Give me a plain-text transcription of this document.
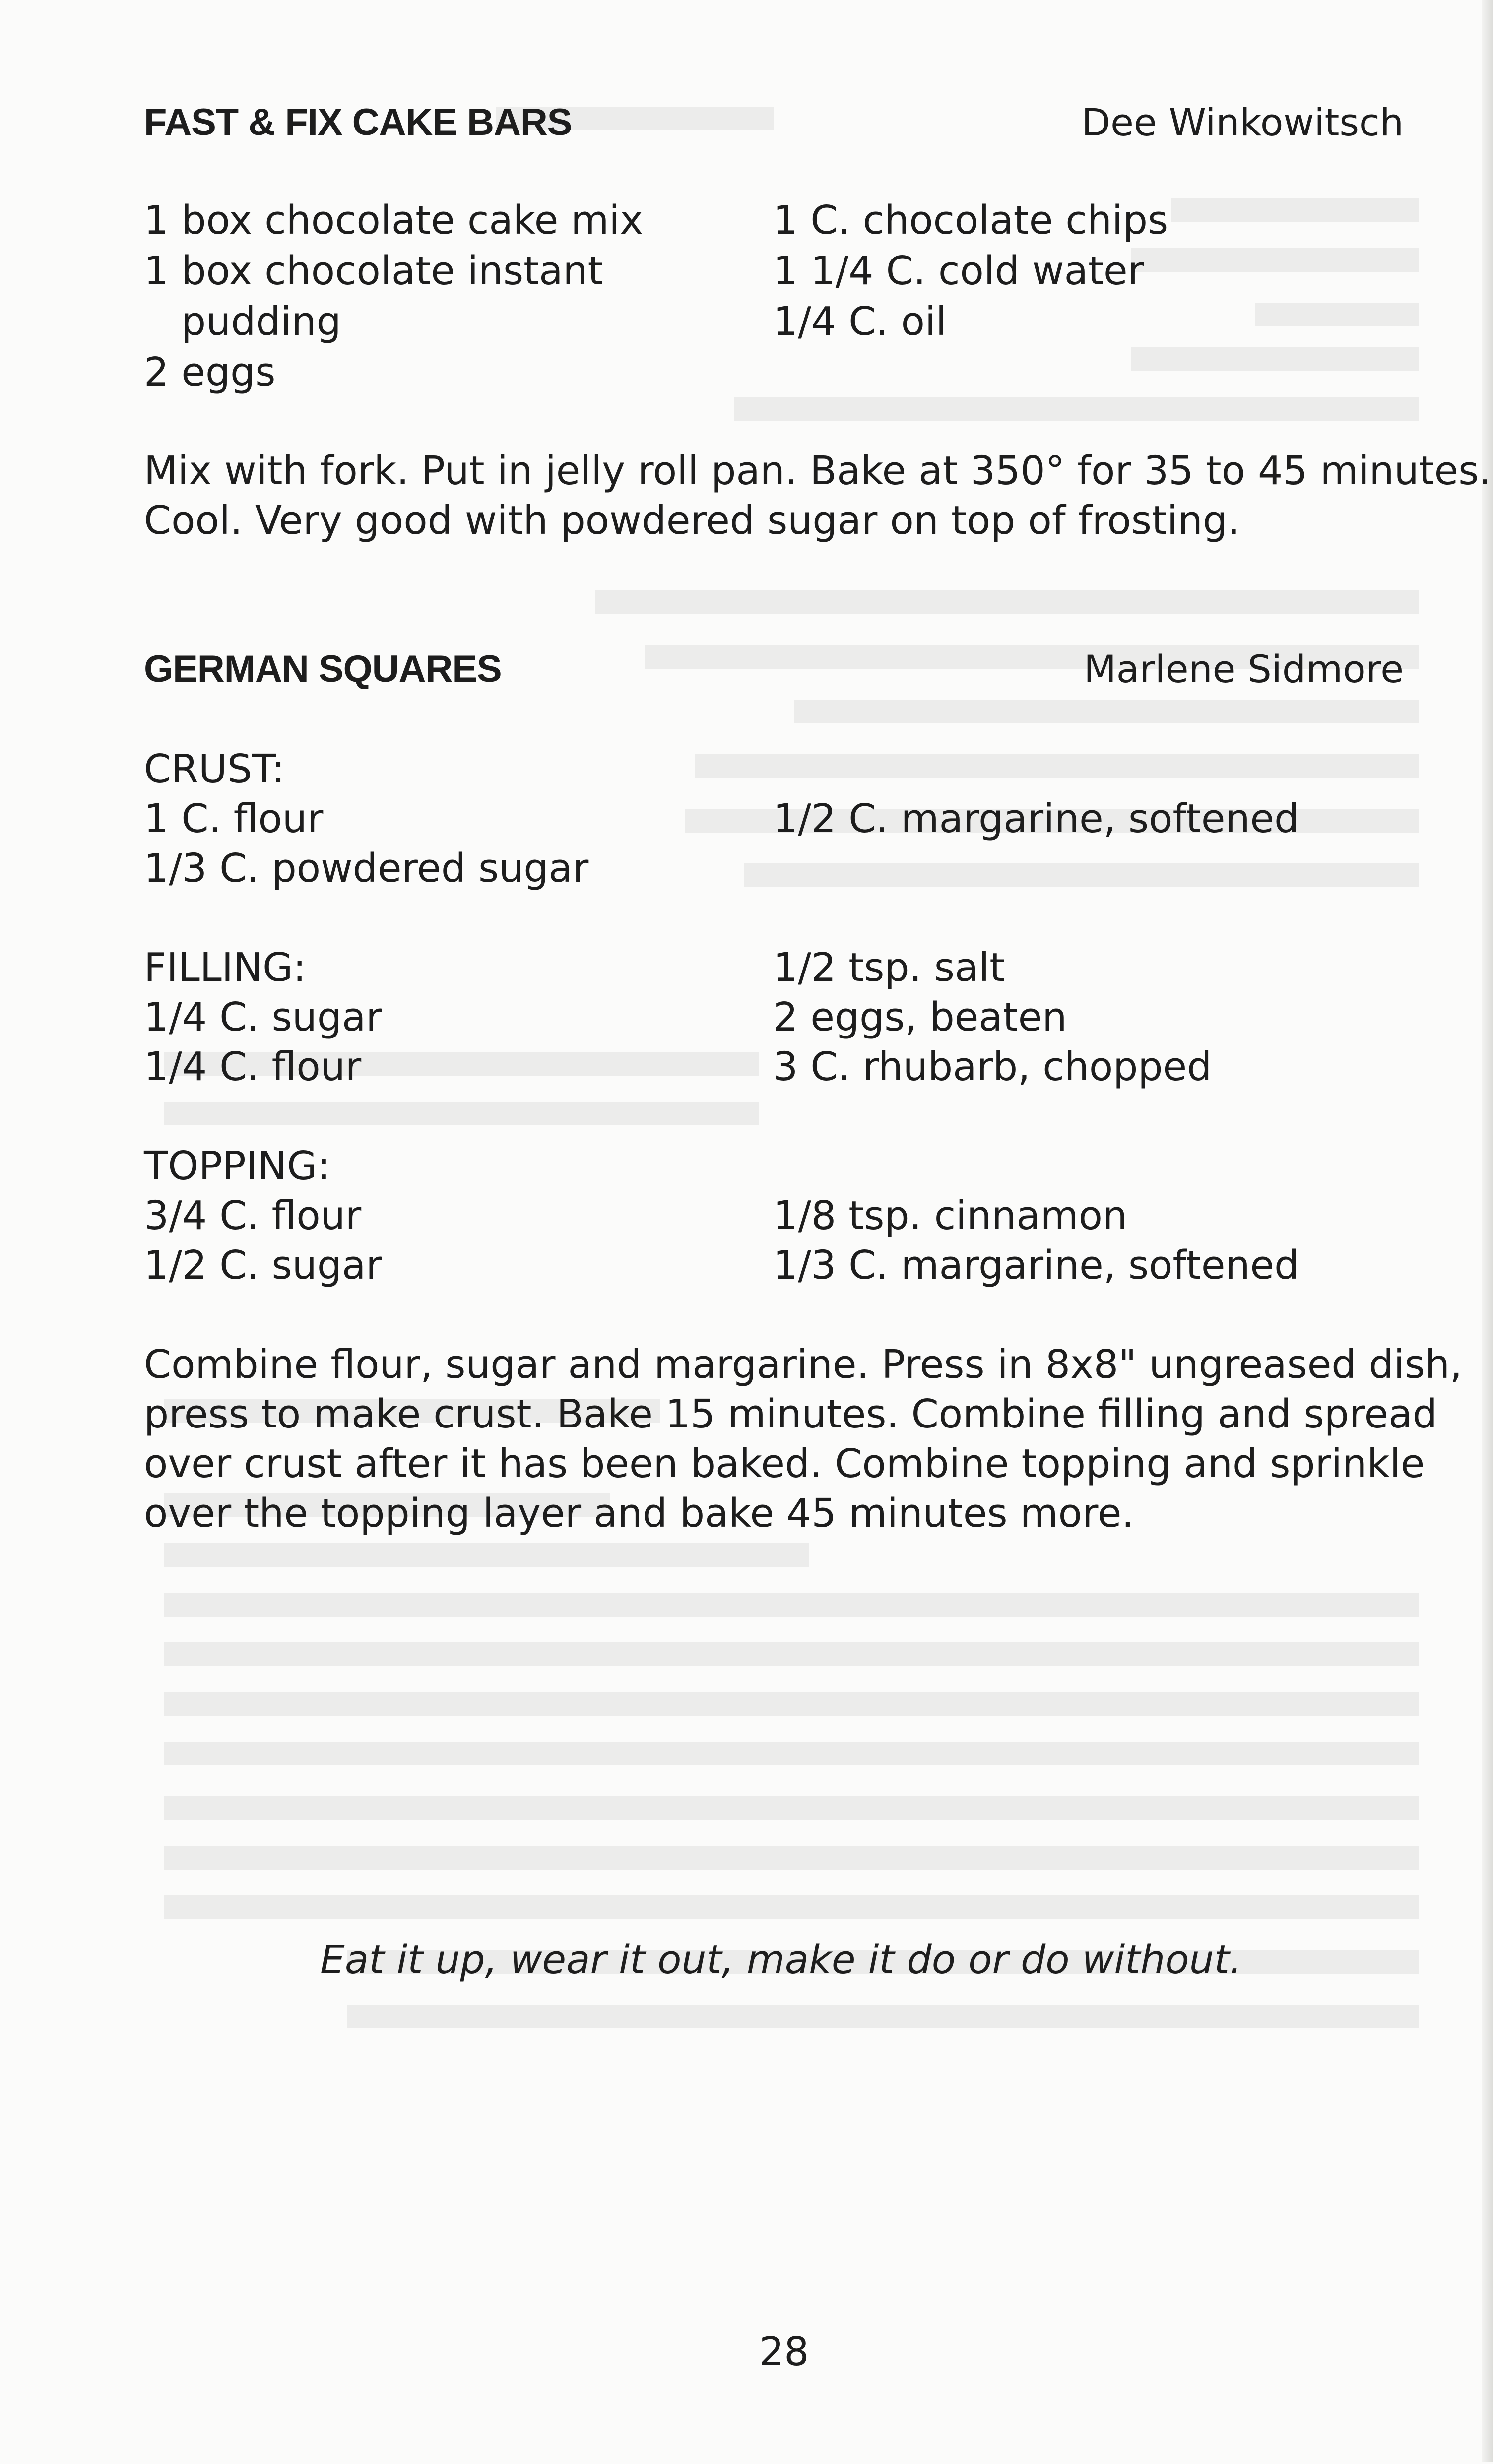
FAST & FIX CAKE BARS	Dee Winkowitsch
1 box chocolate cake mix
1 box chocolate instant
pudding
2 eggs
1 C. chocolate chips
1 1/4 C. cold water
1/4 C. oil
Mix with fork. Put in jelly roll pan. Bake at 350° for 35 to 45 minutes.
Cool. Very good with powdered sugar on top of frosting.
GERMAN SQUARES	Marlene Sidmore
CRUST:
1 C. flour
1/3 C. powdered sugar
1/2 C. margarine, softened
FILLING:
1/4 C. sugar
1/4 C. flour
1/2 tsp. salt
2 eggs, beaten
3 C. rhubarb, chopped
TOPPING:
3/4 C. flour
1/2 C. sugar
1/8 tsp. cinnamon
1/3 C. margarine, softened
Combine flour, sugar and margarine. Press in 8x8" ungreased dish,
press to make crust. Bake 15 minutes. Combine filling and spread
over crust after it has been baked. Combine topping and sprinkle
over the topping layer and bake 45 minutes more.
Eat it up, wear it out, make it do or do without.
28
